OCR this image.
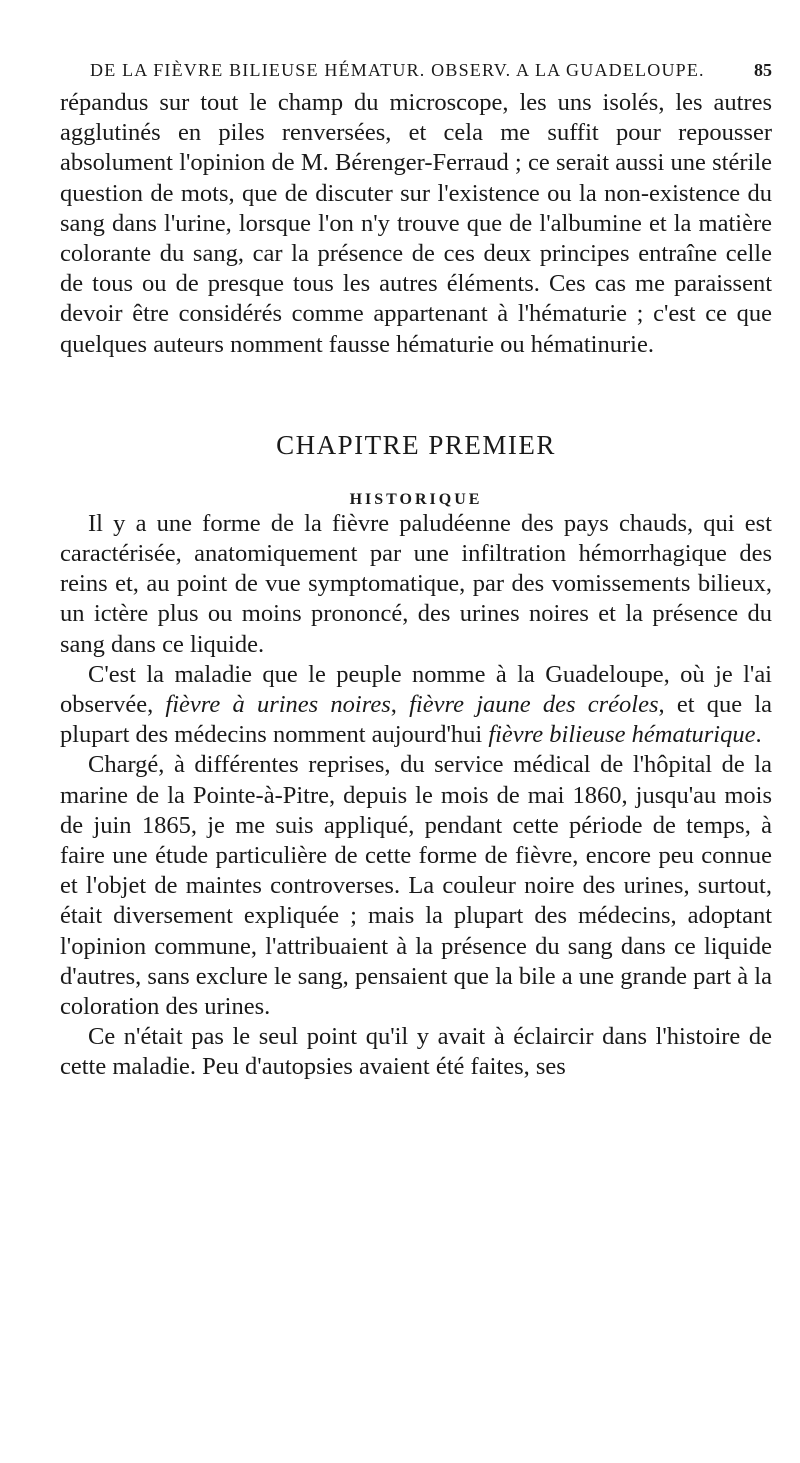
DE LA FIÈVRE BILIEUSE HÉMATUR. OBSERV. A LA GUADELOUPE.	85

répandus sur tout le champ du microscope, les uns isolés, les autres agglutinés en piles renversées, et cela me suffit pour repousser absolument l'opinion de M. Bérenger-Ferraud ; ce serait aussi une stérile question de mots, que de discuter sur l'existence ou la non-existence du sang dans l'urine, lorsque l'on n'y trouve que de l'albumine et la matière colorante du sang, car la présence de ces deux principes entraîne celle de tous ou de presque tous les autres éléments. Ces cas me paraissent devoir être considérés comme appartenant à l'hématurie ; c'est ce que quelques auteurs nomment fausse hématurie ou hématinurie.

CHAPITRE PREMIER
HISTORIQUE

Il y a une forme de la fièvre paludéenne des pays chauds, qui est caractérisée, anatomiquement par une infiltration hémorrhagique des reins et, au point de vue symptomatique, par des vomissements bilieux, un ictère plus ou moins prononcé, des urines noires et la présence du sang dans ce liquide.

C'est la maladie que le peuple nomme à la Guadeloupe, où je l'ai observée, fièvre à urines noires, fièvre jaune des créoles, et que la plupart des médecins nomment aujourd'hui fièvre bilieuse hématurique.

Chargé, à différentes reprises, du service médical de l'hôpital de la marine de la Pointe-à-Pitre, depuis le mois de mai 1860, jusqu'au mois de juin 1865, je me suis appliqué, pendant cette période de temps, à faire une étude particulière de cette forme de fièvre, encore peu connue et l'objet de maintes controverses. La couleur noire des urines, surtout, était diversement expliquée ; mais la plupart des médecins, adoptant l'opinion commune, l'attribuaient à la présence du sang dans ce liquide d'autres, sans exclure le sang, pensaient que la bile a une grande part à la coloration des urines.

Ce n'était pas le seul point qu'il y avait à éclaircir dans l'histoire de cette maladie. Peu d'autopsies avaient été faites, ses
